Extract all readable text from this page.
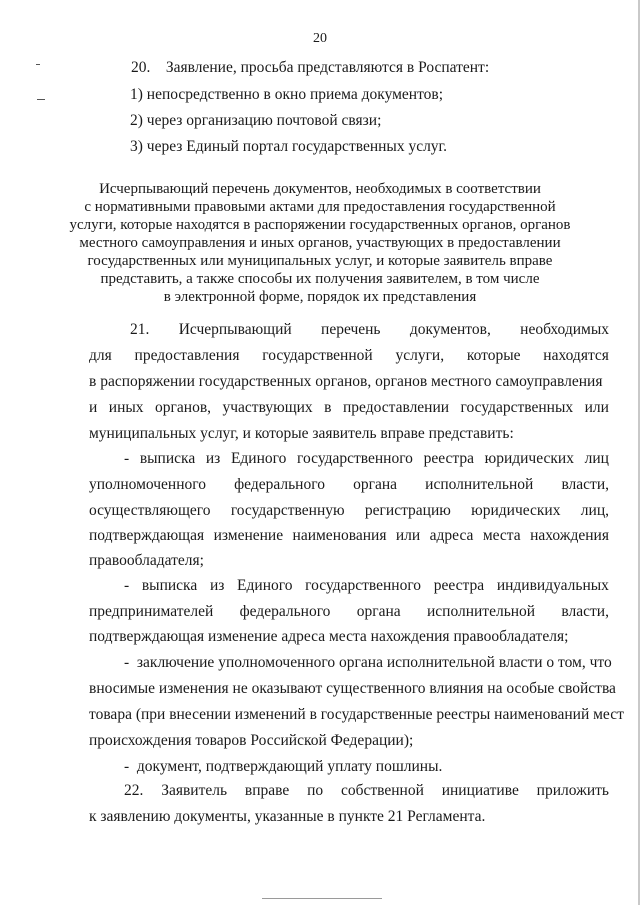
20
20.    Заявление, просьба представляются в Роспатент:
1) непосредственно в окно приема документов;
2) через организацию почтовой связи;
3) через Единый портал государственных услуг.
Исчерпывающий перечень документов, необходимых в соответствии
с нормативными правовыми актами для предоставления государственной
услуги, которые находятся в распоряжении государственных органов, органов
местного самоуправления и иных органов, участвующих в предоставлении
государственных или муниципальных услуг, и которые заявитель вправе
представить, а также способы их получения заявителем, в том числе
в электронной форме, порядок их представления
21. Исчерпывающий перечень документов, необходимых
для предоставления государственной услуги, которые находятся
в распоряжении государственных органов, органов местного самоуправления
и иных органов, участвующих в предоставлении государственных или
муниципальных услуг, и которые заявитель вправе представить:
- выписка из Единого государственного реестра юридических лиц
уполномоченного федерального органа исполнительной власти,
осуществляющего государственную регистрацию юридических лиц,
подтверждающая изменение наименования или адреса места нахождения
правообладателя;
- выписка из Единого государственного реестра индивидуальных
предпринимателей федерального органа исполнительной власти,
подтверждающая изменение адреса места нахождения правообладателя;
-  заключение уполномоченного органа исполнительной власти о том, что
вносимые изменения не оказывают существенного влияния на особые свойства
товара (при внесении изменений в государственные реестры наименований мест
происхождения товаров Российской Федерации);
-  документ, подтверждающий уплату пошлины.
22. Заявитель вправе по собственной инициативе приложить
к заявлению документы, указанные в пункте 21 Регламента.
